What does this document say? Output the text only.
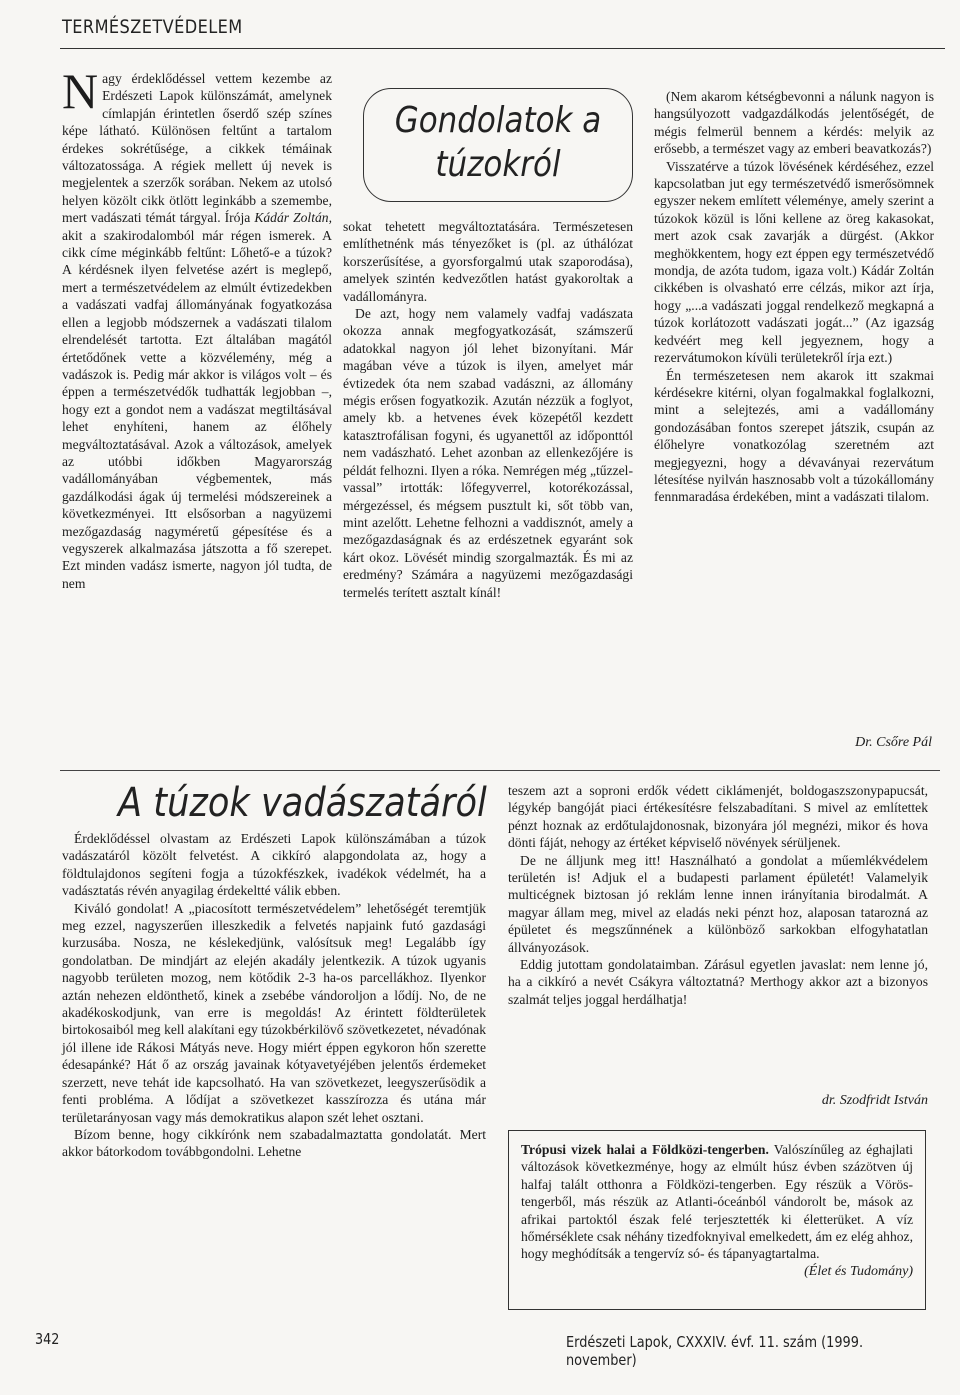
TERMÉSZETVÉDELEM

Nagy érdeklődéssel vettem kezembe az Erdészeti Lapok különszámát, amelynek címlapján érintetlen őserdő szép színes képe látható. Különösen feltűnt a tartalom érdekes sokrétűsége, a cikkek témáinak változatossága. A régiek mellett új nevek is megjelentek a szerzők sorában. Nekem az utolsó helyen közölt cikk ötlött leginkább a szemembe, mert vadászati témát tárgyal. Írója Kádár Zoltán, akit a szakirodalomból már régen ismerek. A cikk címe méginkább feltűnt: Lőhető-e a túzok? A kérdésnek ilyen felvetése azért is meglepő, mert a természetvédelem az elmúlt évtizedekben a vadászati vadfaj állományának fogyatkozása ellen a legjobb módszernek a vadászati tilalom elrendelését tartotta. Ezt általában magától értetődőnek vette a közvélemény, még a vadászok is. Pedig már akkor is világos volt – és éppen a természetvédők tudhatták legjobban –, hogy ezt a gondot nem a vadászat megtiltásával lehet enyhíteni, hanem az élőhely megváltoztatásával. Azok a változások, amelyek az utóbbi időkben Magyarország vadállományában végbementek, más gazdálkodási ágak új termelési módszereinek a következményei. Itt elsősorban a nagyüzemi mezőgazdaság nagyméretű gépesítése és a vegyszerek alkalmazása játszotta a fő szerepet. Ezt minden vadász ismerte, nagyon jól tudta, de nem

Gondolatok a
túzokról

sokat tehetett megváltoztatására. Természetesen említhetnénk más tényezőket is (pl. az úthálózat korszerűsítése, a gyorsforgalmú utak szaporodása), amelyek szintén kedvezőtlen hatást gyakoroltak a vadállományra.

De azt, hogy nem valamely vadfaj vadászata okozza annak megfogyatkozását, számszerű adatokkal nagyon jól lehet bizonyítani. Már magában véve a túzok is ilyen, amelyet már évtizedek óta nem szabad vadászni, az állomány mégis erősen fogyatkozik. Azután nézzük a foglyot, amely kb. a hetvenes évek közepétől kezdett katasztrofálisan fogyni, és ugyanettől az időponttól nem vadászható. Lehet azonban az ellenkezőjére is példát felhozni. Ilyen a róka. Nemrégen még „tűzzel-vassal” irtották: lőfegyverrel, kotorékozással, mérgezéssel, és mégsem pusztult ki, sőt több van, mint azelőtt. Lehetne felhozni a vaddisznót, amely a mezőgazdaságnak és az erdészetnek egyaránt sok kárt okoz. Lövését mindig szorgalmazták. És mi az eredmény? Számára a nagyüzemi mezőgazdasági termelés terített asztalt kínál!

(Nem akarom kétségbevonni a nálunk nagyon is hangsúlyozott vadgazdálkodás jelentőségét, de mégis felmerül bennem a kérdés: melyik az erősebb, a természet vagy az emberi beavatkozás?)

Visszatérve a túzok lövésének kérdéséhez, ezzel kapcsolatban jut egy természetvédő ismerősömnek egyszer nekem említett véleménye, amely szerint a túzokok közül is lőni kellene az öreg kakasokat, mert azok csak zavarják a dürgést. (Akkor meghökkentem, hogy ezt éppen egy természetvédő mondja, de azóta tudom, igaza volt.) Kádár Zoltán cikkében is olvasható erre célzás, mikor azt írja, hogy „...a vadászati joggal rendelkező megkapná a túzok korlátozott vadászati jogát...” (Az igazság kedvéért meg kell jegyeznem, hogy a rezervátumokon kívüli területekről írja ezt.)

Én természetesen nem akarok itt szakmai kérdésekre kitérni, olyan fogalmakkal foglalkozni, mint a selejtezés, ami a vadállomány gondozásában fontos szerepet játszik, csupán az élőhelyre vonatkozólag szeretném azt megjegyezni, hogy a dévaványai rezervátum létesítése nyilván hasznosabb volt a túzokállomány fennmaradása érdekében, mint a vadászati tilalom.

Dr. Csőre Pál
A túzok vadászatáról

Érdeklődéssel olvastam az Erdészeti Lapok különszámában a túzok vadászatáról közölt felvetést. A cikkíró alapgondolata az, hogy a földtulajdonos segíteni fogja a túzokfészkek, ivadékok védelmét, ha a vadásztatás révén anyagilag érdekeltté válik ebben.

Kiváló gondolat! A „piacosított természetvédelem” lehetőségét teremtjük meg ezzel, nagyszerűen illeszkedik a felvetés napjaink futó gazdasági kurzusába. Nosza, ne késlekedjünk, valósítsuk meg! Legalább így gondolatban. De mindjárt az elején akadály jelentkezik. A túzok ugyanis nagyobb területen mozog, nem kötődik 2-3 ha-os parcellákhoz. Ilyenkor aztán nehezen eldönthető, kinek a zsebébe vándoroljon a lődíj. No, de ne akadékoskodjunk, van erre is megoldás! Az érintett földterületek birtokosaiból meg kell alakítani egy túzokbérkilövő szövetkezetet, névadónak jól illene ide Rákosi Mátyás neve. Hogy miért éppen egykoron hőn szerette édesapánké? Hát ő az ország javainak kótyavetyéjében jelentős érdemeket szerzett, neve tehát ide kapcsolható. Ha van szövetkezet, leegyszerűsödik a fenti probléma. A lődíjat a szövetkezet kasszírozza és utána már területarányosan vagy más demokratikus alapon szét lehet osztani.

Bízom benne, hogy cikkírónk nem szabadalmaztatta gondolatát. Mert akkor bátorkodom továbbgondolni. Lehetne

teszem azt a soproni erdők védett ciklámenjét, boldogaszszonypapucsát, légykép bangóját piaci értékesítésre felszabadítani. S mivel az említettek pénzt hoznak az erdőtulajdonosnak, bizonyára jól megnézi, mikor és hova dönti fáját, nehogy az értéket képviselő növények sérüljenek.

De ne álljunk meg itt! Használható a gondolat a műemlékvédelem területén is! Adjuk el a budapesti parlament épületét! Valamelyik multicégnek biztosan jó reklám lenne innen irányítania birodalmát. A magyar állam meg, mivel az eladás neki pénzt hoz, alaposan tatarozná az épületet és megszűnnének a különböző sarkokban elfogyhatatlan állványozások.

Eddig jutottam gondolataimban. Zárásul egyetlen javaslat: nem lenne jó, ha a cikkíró a nevét Csákyra változtatná? Merthogy akkor azt a bizonyos szalmát teljes joggal herdálhatja!

dr. Szodfridt István

Trópusi vizek halai a Földközi-tengerben. Valószínűleg az éghajlati változások következménye, hogy az elmúlt húsz évben százötven új halfaj talált otthonra a Földközi-tengerben. Egy részük a Vörös-tengerből, más részük az Atlanti-óceánból vándorolt be, mások az afrikai partoktól észak felé terjesztették ki életterüket. A víz hőmérséklete csak néhány tizedfoknyival emelkedett, ám ez elég ahhoz, hogy meghódítsák a tengervíz só- és tápanyagtartalma.

(Élet és Tudomány)

342	Erdészeti Lapok, CXXXIV. évf. 11. szám (1999. november)
